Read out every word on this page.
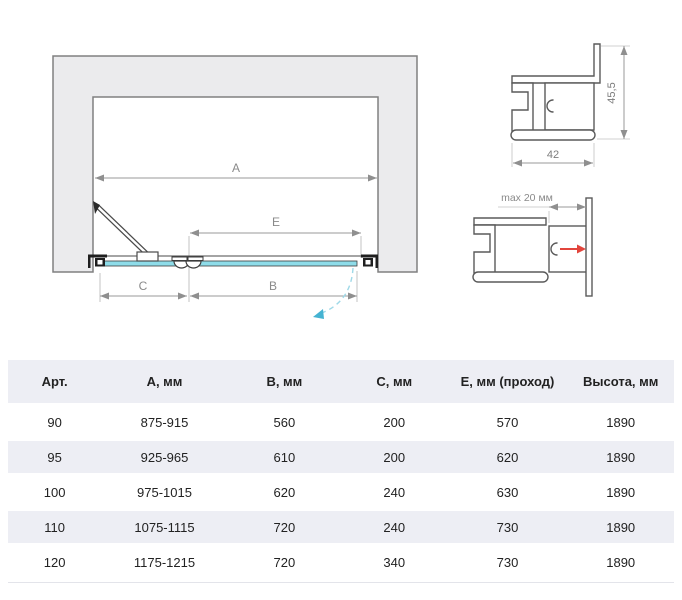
A
E
C	B
45,5
42
max 20 мм
Арт.	А, мм	В, мм	С, мм	Е, мм (проход)	Высота, мм
90	875-915	560	200	570	1890
95	925-965	610	200	620	1890
100	975-1015	620	240	630	1890
110	1075-1115	720	240	730	1890
120	1175-1215	720	340	730	1890
